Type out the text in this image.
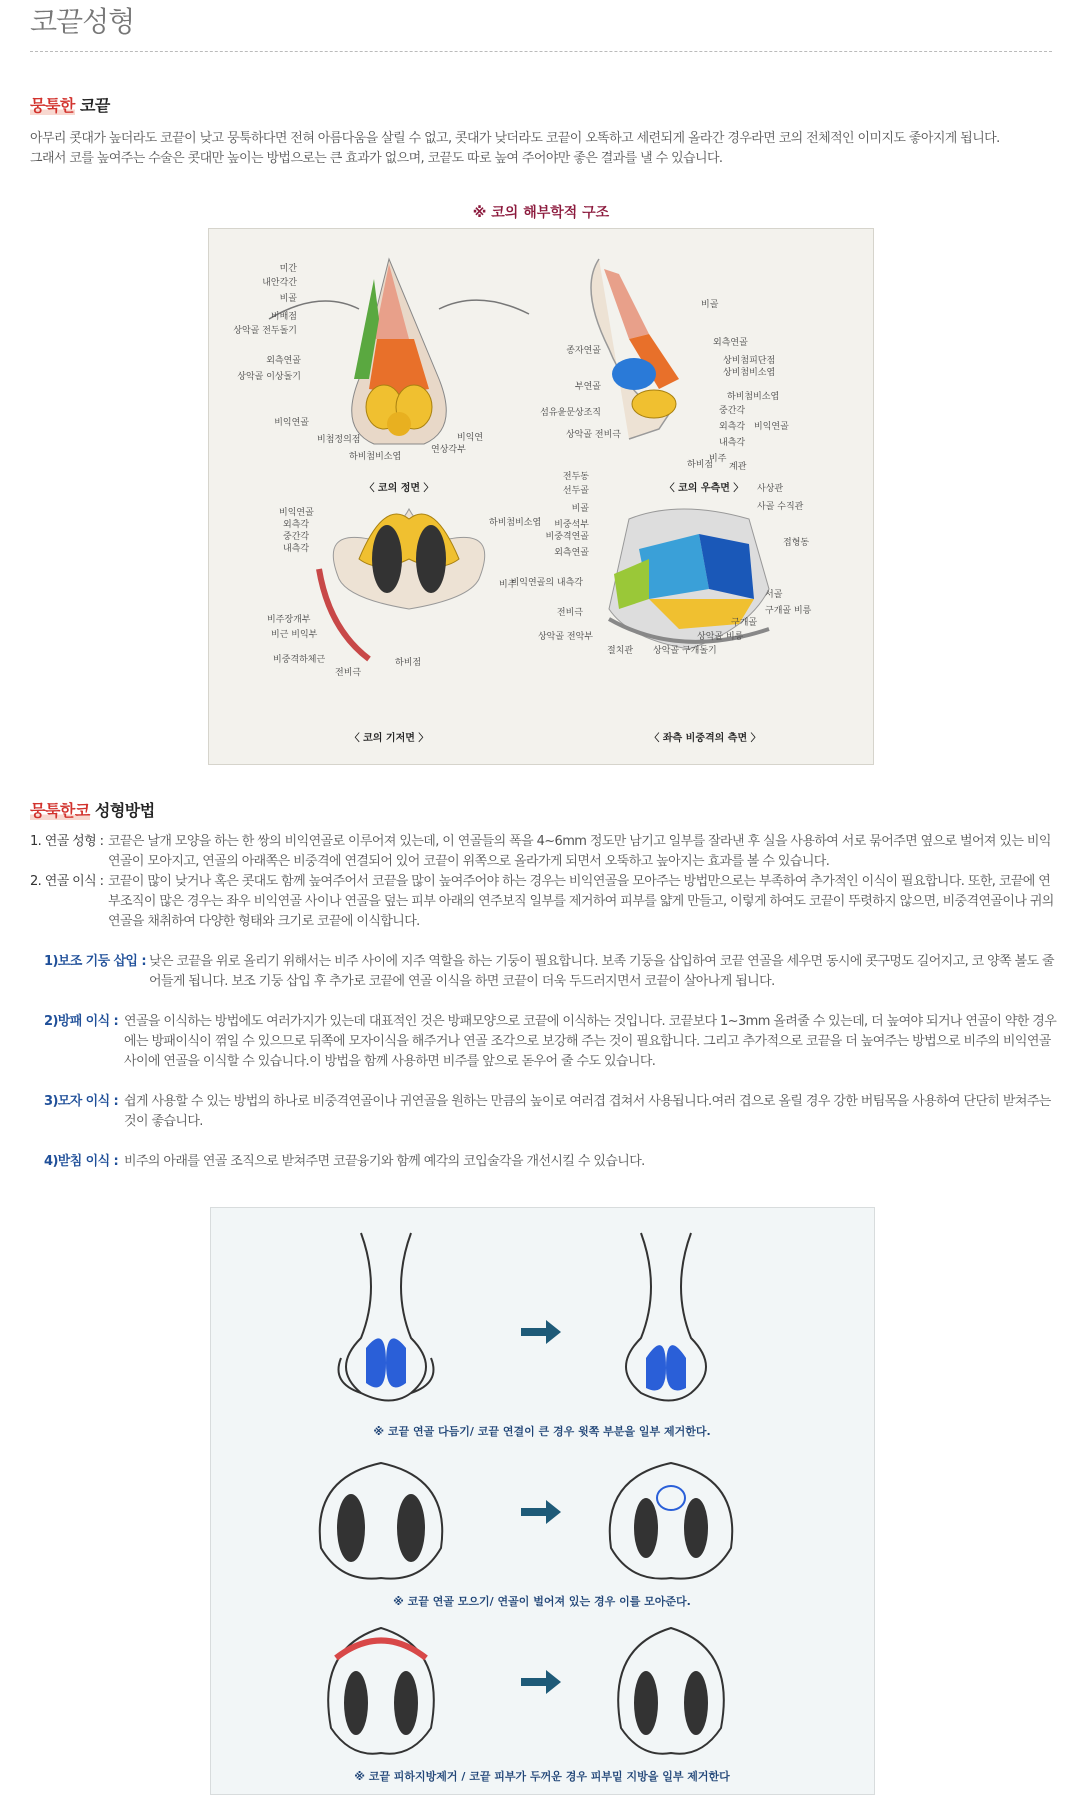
코끝성형
뭉툭한 코끝
아무리 콧대가 높더라도 코끝이 낮고 뭉툭하다면 전혀 아름다움을 살릴 수 없고, 콧대가 낮더라도 코끝이 오똑하고 세련되게 올라간 경우라면 코의 전체적인 이미지도 좋아지게 됩니다.
그래서 코를 높여주는 수술은 콧대만 높이는 방법으로는 큰 효과가 없으며, 코끝도 따로 높여 주어야만 좋은 결과를 낼 수 있습니다.
※ 코의 해부학적 구조
미간
내안각간
비골
비배점
상악골 전두돌기
외측연골
상악골 이상돌기
비익연골
비첨정의점	비익연
하비첨비소엽
연상각부
〈 코의 정면 〉
비골
외측연골
종자연골
상비첨피단점
상비첨비소엽
부연골
하비첨비소엽
섬유윤문상조직	중간각
외측각
상악골 전비극
내측각
비익연골
하비점
비주
〈 코의 우측면 〉
비익연골
외측각
중간각
내측각
하비첨비소엽
비주
비주장개부
비근 비익부
비중격하체근
전비극
하비점
〈 코의 기저면 〉
계관
전두동
선두골
비골
사상관
사골 수직관
비중석부
비중격연골
접형동
외측연골
비익연골의 내측각
서골
구개골 비릉
전비극
구개골
상악골 전악부	상악골 비릉
절치관 상악골 구개돌기
〈 좌측 비중격의 측면 〉
뭉툭한코 성형방법
1. 연골 성형 : 코끝은 날개 모양을 하는 한 쌍의 비익연골로 이루어져 있는데, 이 연골들의 폭을 4~6mm 정도만 남기고 일부를 잘라낸 후 실을 사용하여 서로 묶어주면 옆으로 벌어져 있는 비익연골이 모아지고, 연골의 아래쪽은 비중격에 연결되어 있어 코끝이 위쪽으로 올라가게 되면서 오뚝하고 높아지는 효과를 볼 수 있습니다.
2. 연골 이식 : 코끝이 많이 낮거나 혹은 콧대도 함께 높여주어서 코끝을 많이 높여주어야 하는 경우는 비익연골을 모아주는 방법만으로는 부족하여 추가적인 이식이 필요합니다. 또한, 코끝에 연부조직이 많은 경우는 좌우 비익연골 사이나 연골을 덮는 피부 아래의 연주보직 일부를 제거하여 피부를 얇게 만들고, 이렇게 하여도 코끝이 뚜렷하지 않으면, 비중격연골이나 귀의 연골을 채취하여 다양한 형태와 크기로 코끝에 이식합니다.
1)보조 기둥 삽입 : 낮은 코끝을 위로 올리기 위해서는 비주 사이에 지주 역할을 하는 기둥이 필요합니다. 보족 기둥을 삽입하여 코끝 연골을 세우면 동시에 콧구멍도 길어지고, 코 양쪽 볼도 줄어들게 됩니다. 보조 기둥 삽입 후 추가로 코끝에 연골 이식을 하면 코끝이 더욱 두드러지면서 코끝이 살아나게 됩니다.
2)방패 이식 : 연골을 이식하는 방법에도 여러가지가 있는데 대표적인 것은 방패모양으로 코끝에 이식하는 것입니다. 코끝보다 1~3mm 올려줄 수 있는데, 더 높여야 되거나 연골이 약한 경우에는 방패이식이 꺾일 수 있으므로 뒤쪽에 모자이식을 해주거나 연골 조각으로 보강해 주는 것이 필요합니다. 그리고 추가적으로 코끝을 더 높여주는 방법으로 비주의 비익연골 사이에 연골을 이식할 수 있습니다.이 방법을 함께 사용하면 비주를 앞으로 돋우어 줄 수도 있습니다.
3)모자 이식 : 쉽게 사용할 수 있는 방법의 하나로 비중격연골이나 귀연골을 원하는 만큼의 높이로 여러겹 겹쳐서 사용됩니다.여러 겹으로 올릴 경우 강한 버팀목을 사용하여 단단히 받쳐주는 것이 좋습니다.
4)받침 이식 : 비주의 아래를 연골 조직으로 받쳐주면 코끝융기와 함께 예각의 코입술각을 개선시킬 수 있습니다.
※ 코끝 연골 다듬기/ 코끝 연결이 큰 경우 윗쪽 부분을 일부 제거한다.
※ 코끝 연골 모으기/ 연골이 벌어져 있는 경우 이를 모아준다.
※ 코끝 피하지방제거 / 코끝 피부가 두꺼운 경우 피부밑 지방을 일부 제거한다
